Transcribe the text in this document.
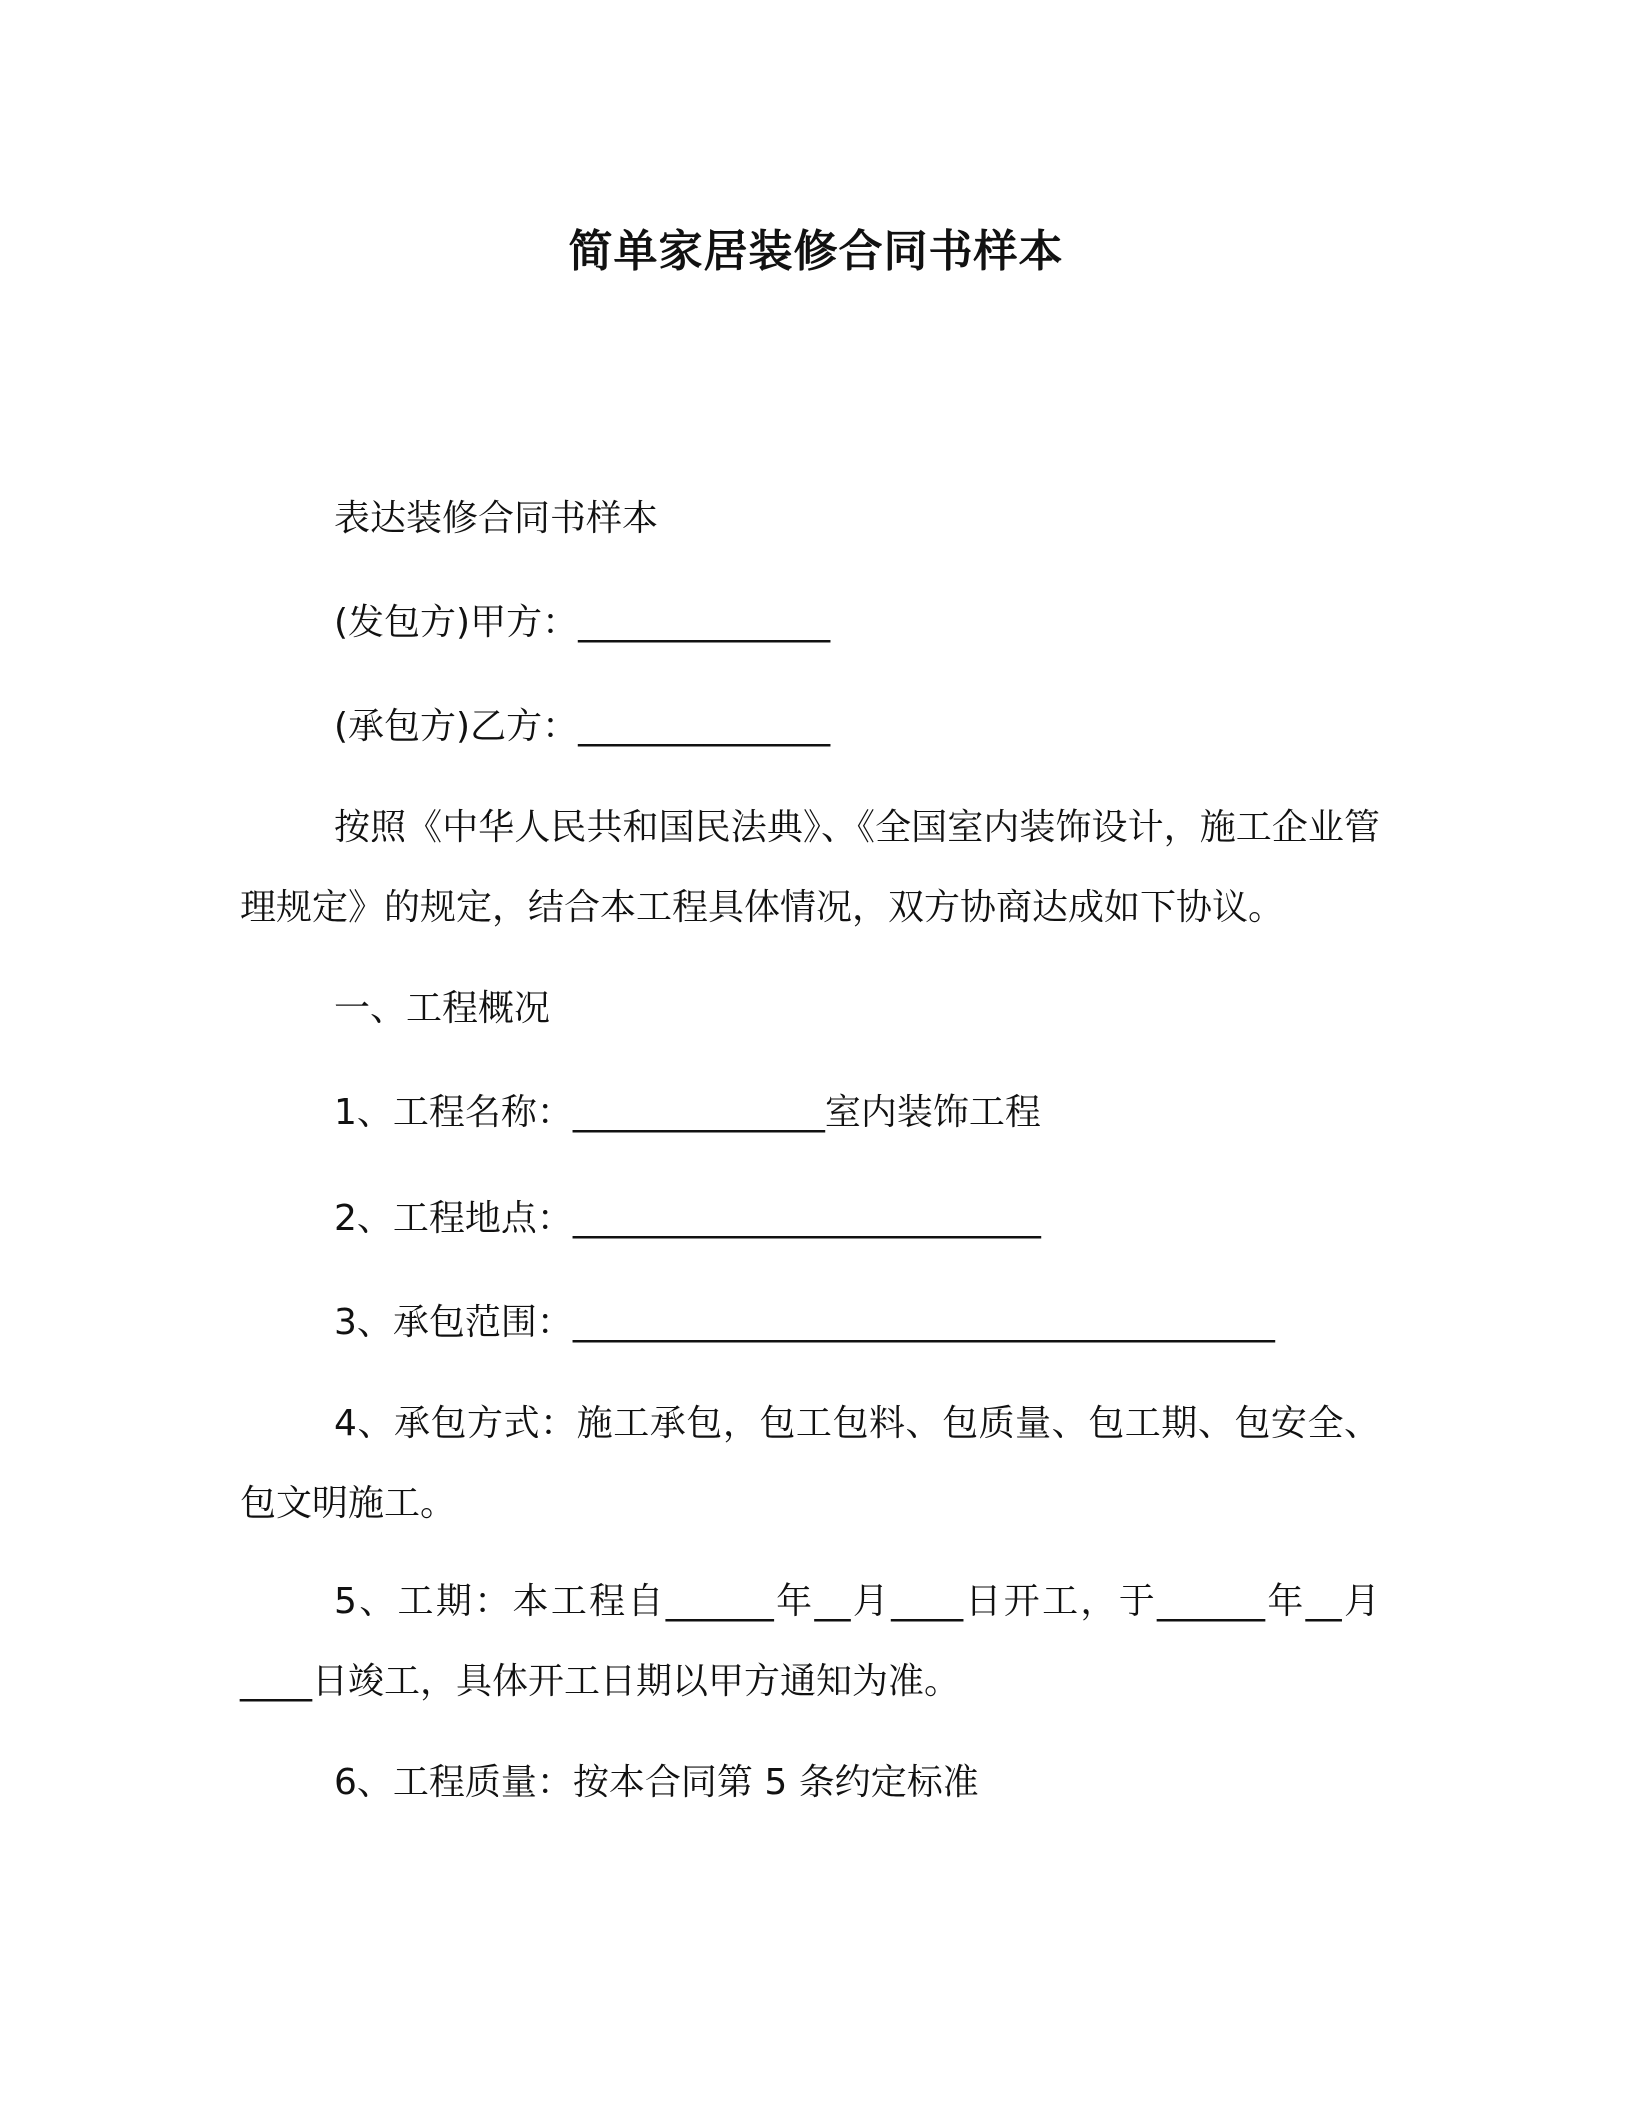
简单家居装修合同书样本
表达装修合同书样本
(发包方)甲方：______________
(承包方)乙方：______________
按照《中华人民共和国民法典》、《全国室内装饰设计，施工企业管理规定》的规定，结合本工程具体情况，双方协商达成如下协议。
一、工程概况
1、工程名称：______________室内装饰工程
2、工程地点：__________________________
3、承包范围：_______________________________________
4、承包方式：施工承包，包工包料、包质量、包工期、包安全、包文明施工。
5、工期：本工程自______年__月____日开工，于______年__月____日竣工，具体开工日期以甲方通知为准。
6、工程质量：按本合同第 5 条约定标准
